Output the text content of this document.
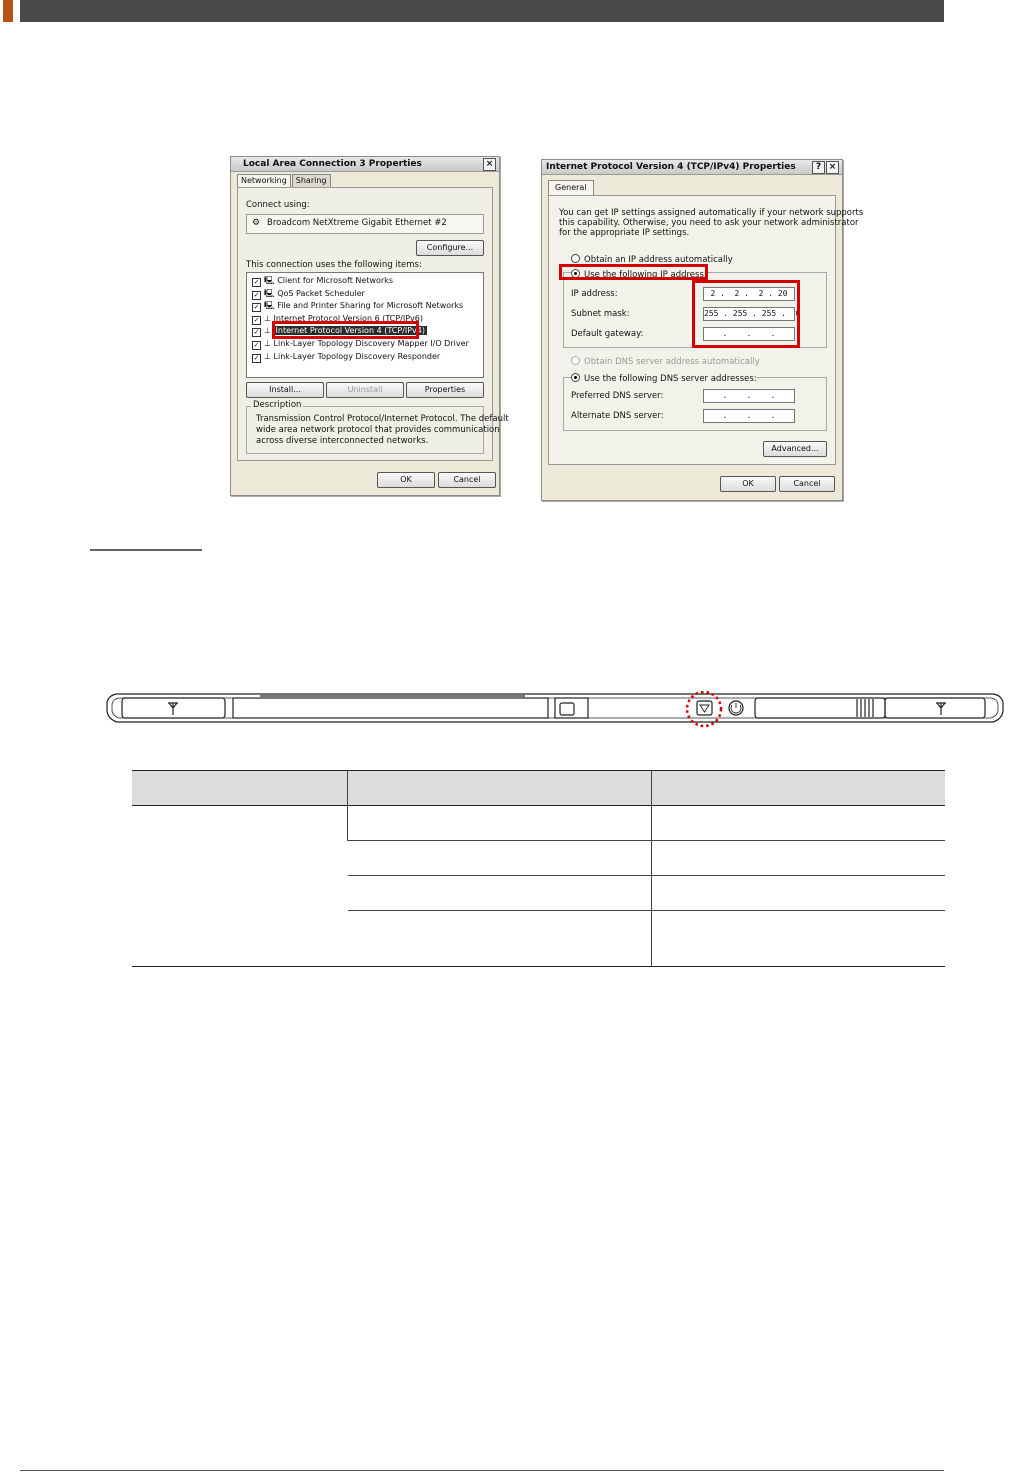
Local Area Connection 3 Properties	×
Networking Sharing
Connect using:
⚙ Broadcom NetXtreme Gigabit Ethernet #2
Configure...
This connection uses the following items:
✓ 🖳 Client for Microsoft Networks
✓ 🖳 QoS Packet Scheduler
✓ 🖳 File and Printer Sharing for Microsoft Networks
✓ ⊥ Internet Protocol Version 6 (TCP/IPv6)
✓ ⊥ Internet Protocol Version 4 (TCP/IPv4)
✓ ⊥ Link-Layer Topology Discovery Mapper I/O Driver
✓ ⊥ Link-Layer Topology Discovery Responder
Install...	Uninstall	Properties
Description
Transmission Control Protocol/Internet Protocol. The default
wide area network protocol that provides communication
across diverse interconnected networks.
OK	Cancel
Internet Protocol Version 4 (TCP/IPv4) Properties	? ×
General
You can get IP settings assigned automatically if your network supports
this capability. Otherwise, you need to ask your network administrator
for the appropriate IP settings.
Obtain an IP address automatically
Use the following IP address:
IP address:	2 .  2 .  2 . 20
Subnet mask:	255 . 255 . 255 .  0
Default gateway:	.    .    .
Obtain DNS server address automatically
Use the following DNS server addresses:
Preferred DNS server:	.    .    .
Alternate DNS server:	.    .    .
Advanced...
OK	Cancel
